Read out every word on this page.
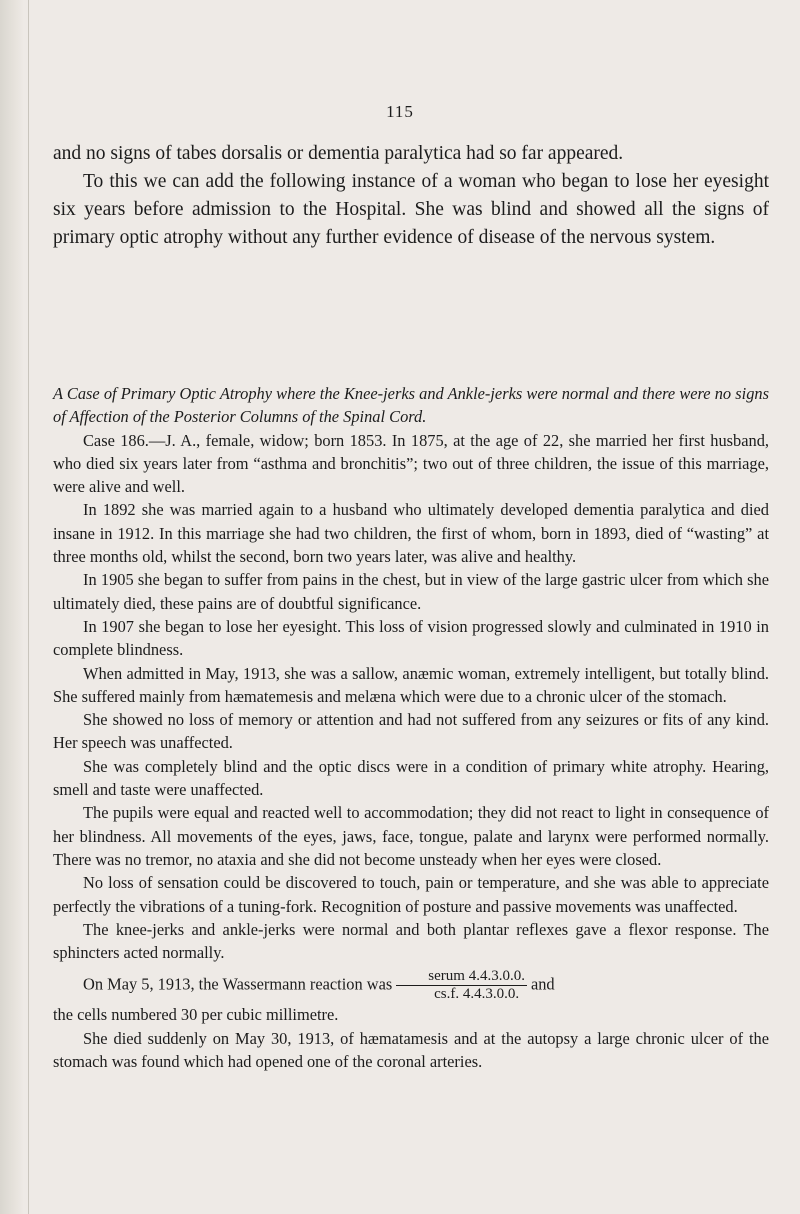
115

and no signs of tabes dorsalis or dementia paralytica had so far appeared.

To this we can add the following instance of a woman who began to lose her eyesight six years before admission to the Hospital. She was blind and showed all the signs of primary optic atrophy without any further evidence of disease of the nervous system.

A Case of Primary Optic Atrophy where the Knee-jerks and Ankle-jerks were normal and there were no signs of Affection of the Posterior Columns of the Spinal Cord.

Case 186.—J. A., female, widow; born 1853. In 1875, at the age of 22, she married her first husband, who died six years later from “asthma and bronchitis”; two out of three children, the issue of this marriage, were alive and well.

In 1892 she was married again to a husband who ultimately developed dementia paralytica and died insane in 1912. In this marriage she had two children, the first of whom, born in 1893, died of “wasting” at three months old, whilst the second, born two years later, was alive and healthy.

In 1905 she began to suffer from pains in the chest, but in view of the large gastric ulcer from which she ultimately died, these pains are of doubtful significance.

In 1907 she began to lose her eyesight. This loss of vision progressed slowly and culminated in 1910 in complete blindness.

When admitted in May, 1913, she was a sallow, anæmic woman, extremely intelligent, but totally blind. She suffered mainly from hæmatemesis and melæna which were due to a chronic ulcer of the stomach.

She showed no loss of memory or attention and had not suffered from any seizures or fits of any kind. Her speech was unaffected.

She was completely blind and the optic discs were in a condition of primary white atrophy. Hearing, smell and taste were unaffected.

The pupils were equal and reacted well to accommodation; they did not react to light in consequence of her blindness. All movements of the eyes, jaws, face, tongue, palate and larynx were performed normally. There was no tremor, no ataxia and she did not become unsteady when her eyes were closed.

No loss of sensation could be discovered to touch, pain or temperature, and she was able to appreciate perfectly the vibrations of a tuning-fork. Recognition of posture and passive movements was unaffected.

The knee-jerks and ankle-jerks were normal and both plantar reflexes gave a flexor response. The sphincters acted normally.

On May 5, 1913, the Wassermann reaction was $\frac{\text{serum 4.4.3.0.0.}}{cs.f. 4.4.3.0.0.}$ and

the cells numbered 30 per cubic millimetre.

She died suddenly on May 30, 1913, of hæmatamesis and at the autopsy a large chronic ulcer of the stomach was found which had opened one of the coronal arteries.
